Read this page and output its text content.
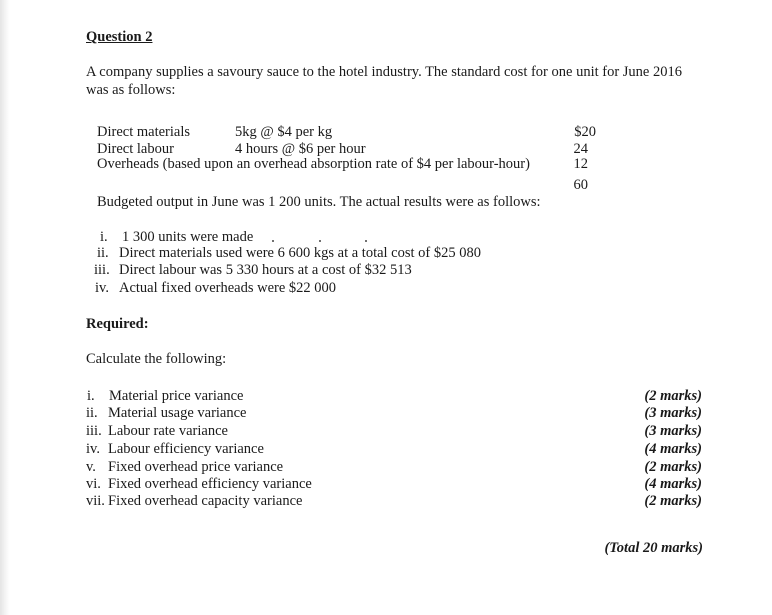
Question 2
A company supplies a savoury sauce to the hotel industry. The standard cost for one unit for June 2016 was as follows:
Direct materials	5kg @ $4 per kg	$20
Direct labour	4 hours @ $6 per hour	24
Overheads (based upon an overhead absorption rate of $4 per labour-hour)	12
60
Budgeted output in June was 1 200 units. The actual results were as follows:
i. 1 300 units were made
ii. Direct materials used were 6 600 kgs at a total cost of $25 080
iii. Direct labour was 5 330 hours at a cost of $32 513
iv. Actual fixed overheads were $22 000
Required:
Calculate the following:
i. Material price variance	(2 marks)
ii. Material usage variance	(3 marks)
iii. Labour rate variance	(3 marks)
iv. Labour efficiency variance	(4 marks)
v. Fixed overhead price variance	(2 marks)
vi. Fixed overhead efficiency variance	(4 marks)
vii. Fixed overhead capacity variance	(2 marks)
(Total 20 marks)
